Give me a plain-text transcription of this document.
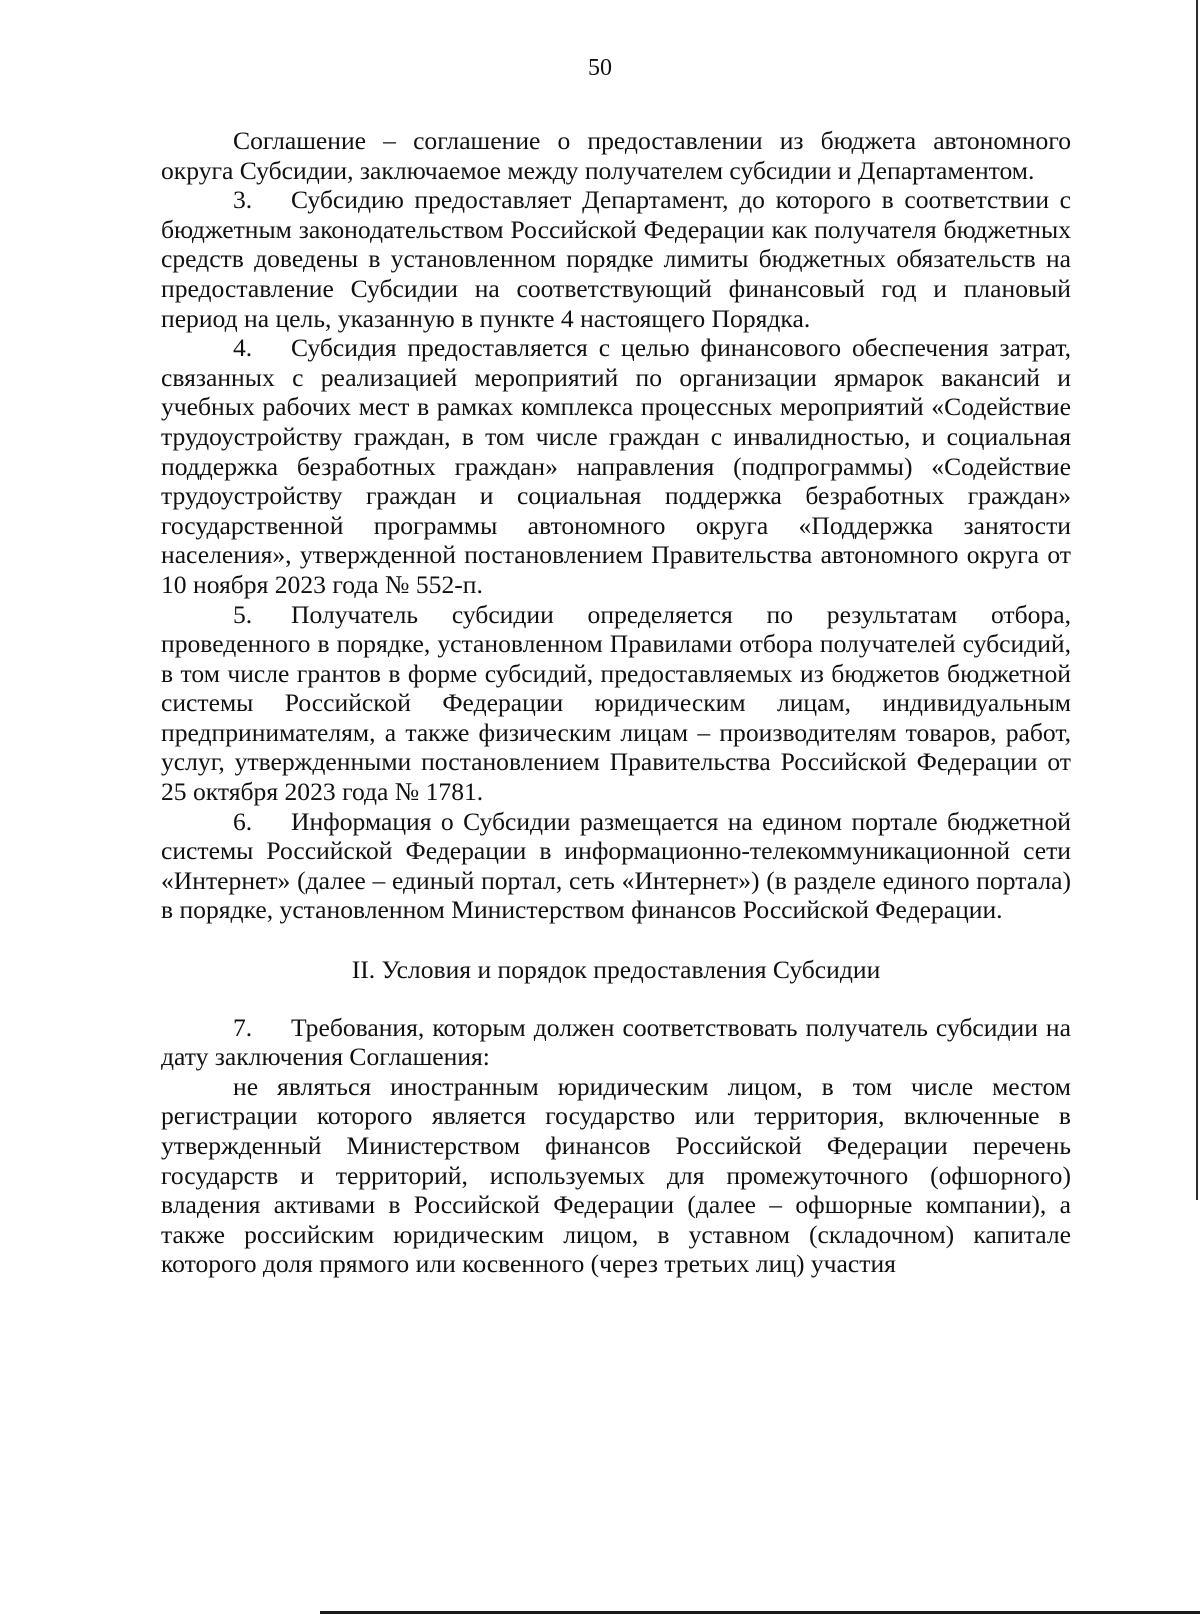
50

Соглашение – соглашение о предоставлении из бюджета автономного округа Субсидии, заключаемое между получателем субсидии и Департаментом.

3. Субсидию предоставляет Департамент, до которого в соответствии с бюджетным законодательством Российской Федерации как получателя бюджетных средств доведены в установленном порядке лимиты бюджетных обязательств на предоставление Субсидии на соответствующий финансовый год и плановый период на цель, указанную в пункте 4 настоящего Порядка.

4. Субсидия предоставляется с целью финансового обеспечения затрат, связанных с реализацией мероприятий по организации ярмарок вакансий и учебных рабочих мест в рамках комплекса процессных мероприятий «Содействие трудоустройству граждан, в том числе граждан с инвалидностью, и социальная поддержка безработных граждан» направления (подпрограммы) «Содействие трудоустройству граждан и социальная поддержка безработных граждан» государственной программы автономного округа «Поддержка занятости населения», утвержденной постановлением Правительства автономного округа от 10 ноября 2023 года № 552-п.

5. Получатель субсидии определяется по результатам отбора, проведенного в порядке, установленном Правилами отбора получателей субсидий, в том числе грантов в форме субсидий, предоставляемых из бюджетов бюджетной системы Российской Федерации юридическим лицам, индивидуальным предпринимателям, а также физическим лицам – производителям товаров, работ, услуг, утвержденными постановлением Правительства Российской Федерации от 25 октября 2023 года № 1781.

6. Информация о Субсидии размещается на едином портале бюджетной системы Российской Федерации в информационно-телекоммуникационной сети «Интернет» (далее – единый портал, сеть «Интернет») (в разделе единого портала) в порядке, установленном Министерством финансов Российской Федерации.

II. Условия и порядок предоставления Субсидии

7. Требования, которым должен соответствовать получатель субсидии на дату заключения Соглашения:

не являться иностранным юридическим лицом, в том числе местом регистрации которого является государство или территория, включенные в утвержденный Министерством финансов Российской Федерации перечень государств и территорий, используемых для промежуточного (офшорного) владения активами в Российской Федерации (далее – офшорные компании), а также российским юридическим лицом, в уставном (складочном) капитале которого доля прямого или косвенного (через третьих лиц) участия
